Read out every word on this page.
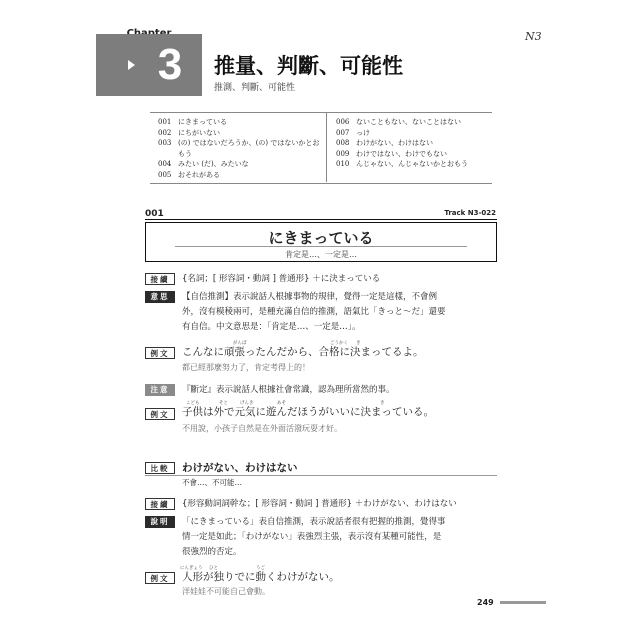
3	推量、判斷、可能性
推測、判斷、可能性
N3
001 にきまっている
002 にちがいない
003 (の) ではないだろうか、(の) ではないかとお
もう
004 みたい (だ)、みたいな
005 おそれがある
006 ないこともない、ないことはない
007 っけ
008 わけがない、わけはない
009 わけではない、わけでもない
010 んじゃない、んじゃないかとおもう
001	Track N3-022
にきまっている
肯定是…、一定是…
接續	{名詞；[ 形容詞・動詞 ] 普通形} ＋に決まっている
意思	【自信推測】表示說話人根據事物的規律，覺得一定是這樣，不會例
外，沒有模稜兩可，是種充滿自信的推測，語氣比「きっと～だ」還要
有自信。中文意思是：「肯定是…、一定是…」。
がんば	ごうかく き
例文	こんなに頑張ったんだから、合格に決まってるよ。
都已經那麼努力了，肯定考得上的！
注意	『斷定』表示說話人根據社會常識，認為理所當然的事。
こども	そと	げんき	あそ	き
例文	子供は外で元気に遊んだほうがいいに決まっている。
不用說，小孩子自然是在外面活潑玩耍才好。
比較	わけがない、わけはない
不會…、不可能…
接續	{形容動詞詞幹な；[ 形容詞・動詞 ] 普通形} ＋わけがない、わけはない
說明	「にきまっている」表自信推測，表示說話者很有把握的推測，覺得事
情一定是如此；「わけがない」表強烈主張，表示沒有某種可能性，是
很強烈的否定。
にんぎょう ひと	うご
例文	人形が独りでに動くわけがない。
洋娃娃不可能自己會動。
249
